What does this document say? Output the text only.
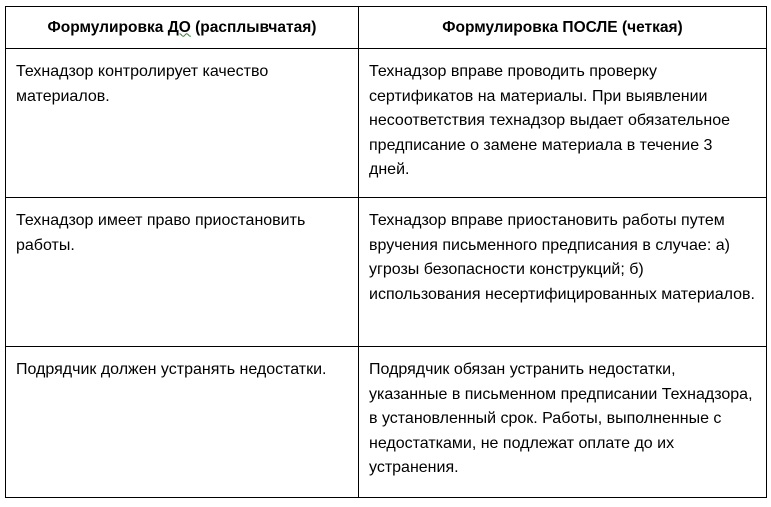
Формулировка ДО (расплывчатая)	Формулировка ПОСЛЕ (четкая)
Технадзор контролирует качество материалов.	Технадзор вправе проводить проверку сертификатов на материалы. При выявлении несоответствия технадзор выдает обязательное предписание о замене материала в течение 3 дней.
Технадзор имеет право приостановить работы.	Технадзор вправе приостановить работы путем вручения письменного предписания в случае: а) угрозы безопасности конструкций; б) использования несертифицированных материалов.
Подрядчик должен устранять недостатки.	Подрядчик обязан устранить недостатки, указанные в письменном предписании Технадзора, в установленный срок. Работы, выполненные с недостатками, не подлежат оплате до их устранения.
